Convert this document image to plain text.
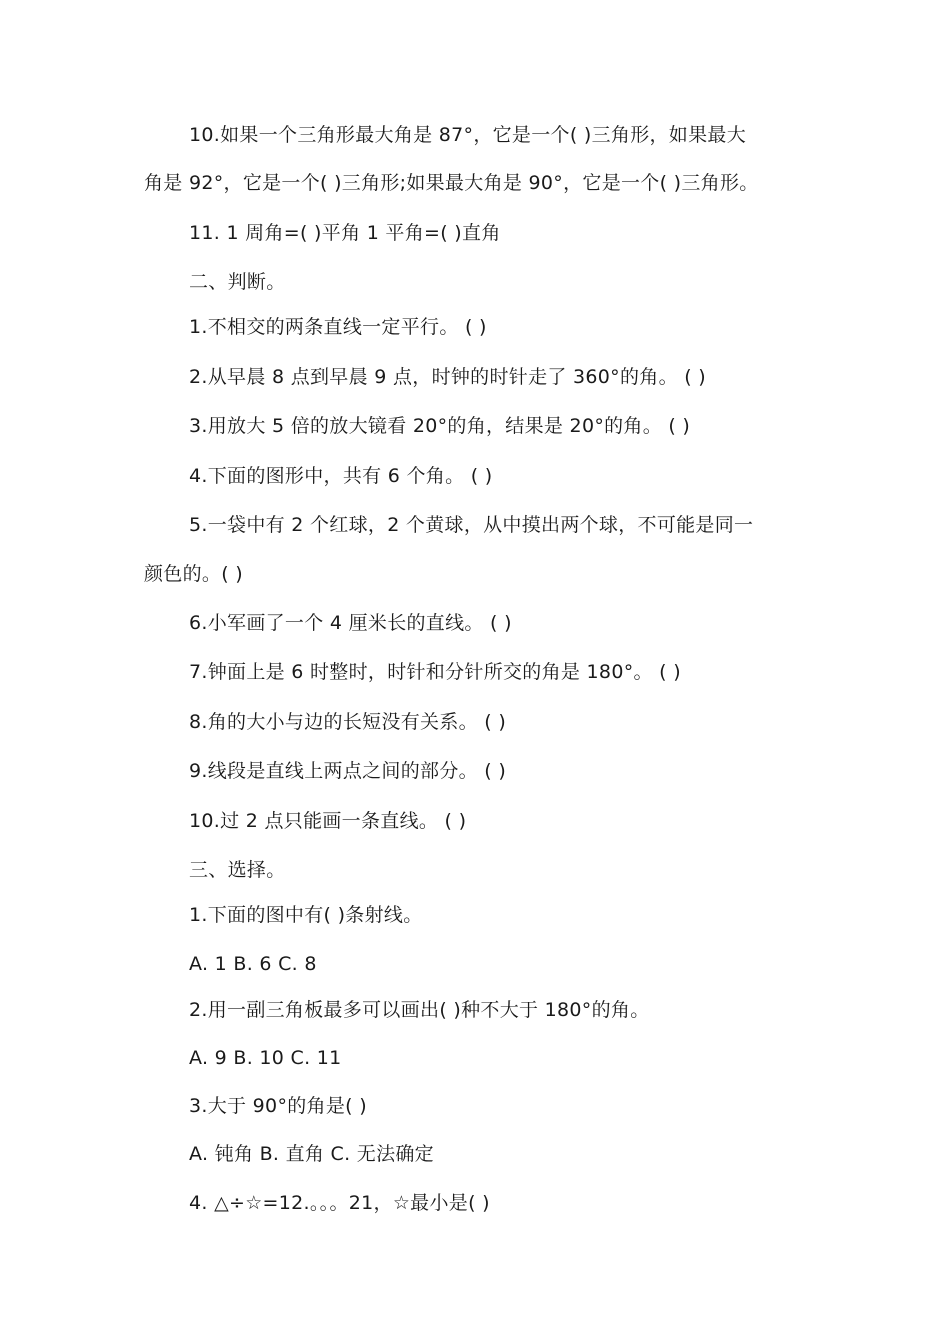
10.如果一个三角形最大角是 87°，它是一个( )三角形，如果最大
角是 92°，它是一个( )三角形;如果最大角是 90°，它是一个( )三角形。
11. 1 周角=( )平角 1 平角=( )直角
二、判断。
1.不相交的两条直线一定平行。 ( )
2.从早晨 8 点到早晨 9 点，时钟的时针走了 360°的角。 ( )
3.用放大 5 倍的放大镜看 20°的角，结果是 20°的角。 ( )
4.下面的图形中，共有 6 个角。 ( )
5.一袋中有 2 个红球，2 个黄球，从中摸出两个球，不可能是同一
颜色的。( )
6.小军画了一个 4 厘米长的直线。 ( )
7.钟面上是 6 时整时，时针和分针所交的角是 180°。 ( )
8.角的大小与边的长短没有关系。 ( )
9.线段是直线上两点之间的部分。 ( )
10.过 2 点只能画一条直线。 ( )
三、选择。
1.下面的图中有( )条射线。
A. 1 B. 6 C. 8
2.用一副三角板最多可以画出( )种不大于 180°的角。
A. 9 B. 10 C. 11
3.大于 90°的角是( )
A. 钝角 B. 直角 C. 无法确定
4. △÷☆=12.。。。21，☆最小是( )
